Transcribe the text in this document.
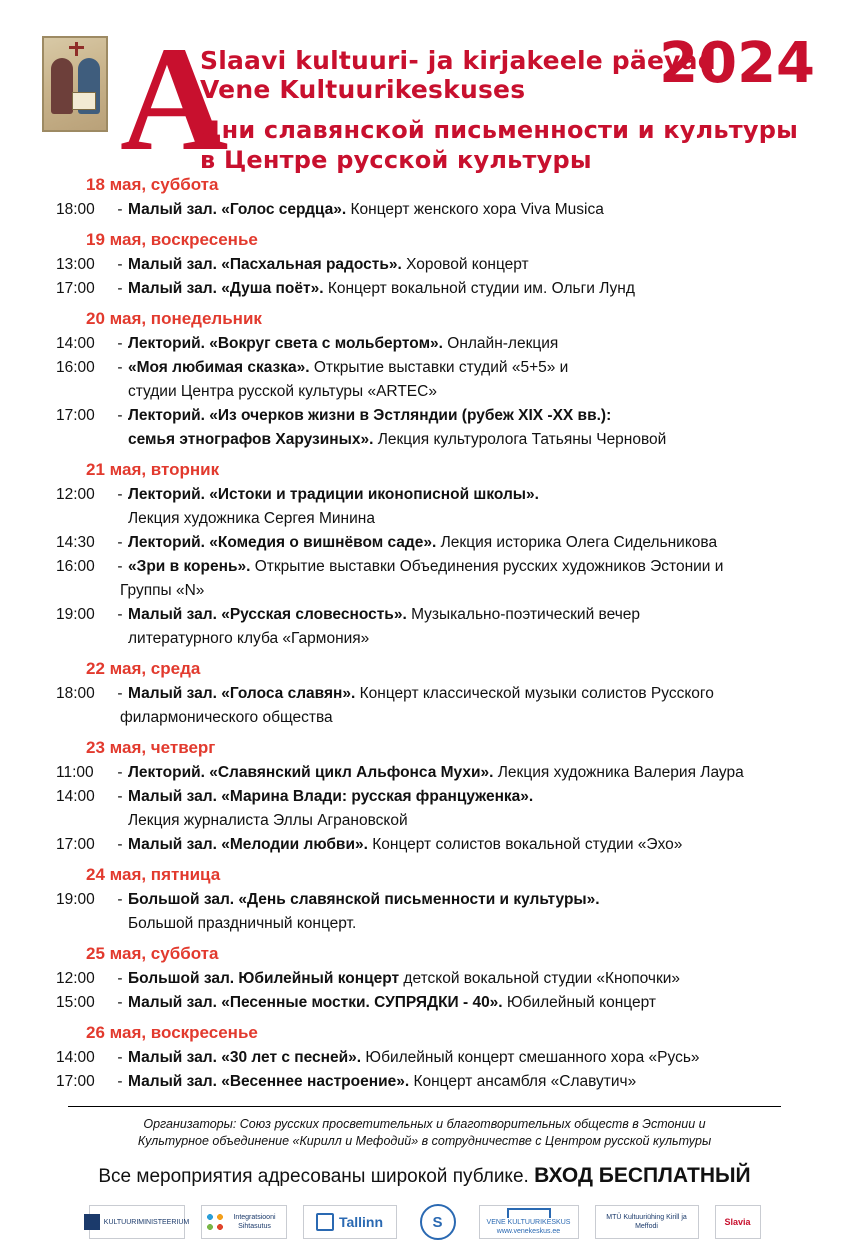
А
Slaavi kultuuri- ja kirjakeele päevad
Vene Kultuurikeskuses
Дни славянской письменности и культуры
в Центре русской культуры
2024
18 мая, суббота
18:00	- Малый зал. «Голос сердца». Концерт женского хора Viva Musica
19 мая, воскресенье
13:00	- Малый зал. «Пасхальная радость». Хоровой концерт
17:00	- Малый зал. «Душа поёт». Концерт вокальной студии им. Ольги Лунд
20 мая, понедельник
14:00	- Лекторий. «Вокруг света с мольбертом». Онлайн-лекция
16:00	- «Моя любимая сказка». Открытие выставки студий «5+5» и
студии Центра русской культуры «ARTEC»
17:00	- Лекторий. «Из очерков жизни в Эстляндии (рубеж XIX -XX вв.):
семья этнографов Харузиных». Лекция культуролога Татьяны Черновой
21 мая, вторник
12:00	- Лекторий. «Истоки и традиции иконописной школы».
Лекция художника Сергея Минина
14:30	- Лекторий. «Комедия о вишнёвом саде». Лекция историка Олега Сидельникова
16:00	- «Зри в корень». Открытие выставки Объединения русских художников Эстонии и
Группы «N»
19:00	- Малый зал. «Русская словесность». Музыкально-поэтический вечер
литературного клуба «Гармония»
22 мая, среда
18:00	- Малый зал. «Голоса славян». Концерт классической музыки солистов Русского
филармонического общества
23 мая, четверг
11:00	- Лекторий. «Славянский цикл Альфонса Мухи». Лекция художника Валерия Лаура
14:00	- Малый зал. «Марина Влади: русская француженка».
Лекция журналиста Эллы Аграновской
17:00	- Малый зал. «Мелодии любви». Концерт солистов вокальной студии «Эхо»
24 мая, пятница
19:00	- Большой зал. «День славянской письменности и культуры».
Большой праздничный концерт.
25 мая, суббота
12:00	- Большой зал. Юбилейный концерт детской вокальной студии «Кнопочки»
15:00	- Малый зал. «Песенные мостки. СУПРЯДКИ - 40». Юбилейный концерт
26 мая, воскресенье
14:00	- Малый зал. «30 лет с песней». Юбилейный концерт смешанного хора «Русь»
17:00	- Малый зал. «Весеннее настроение». Концерт ансамбля «Славутич»
Организаторы: Союз русских просветительных и благотворительных обществ в Эстонии и
Культурное объединение «Кирилл и Мефодий» в сотрудничестве с Центром русской культуры
Все мероприятия адресованы широкой публике. ВХОД БЕСПЛАТНЫЙ
KULTUURIMINISTEERIUM
Integratsiooni Sihtasutus	Tallinn	S	VENE KULTUURIKESKUS www.venekeskus.ee
MTÜ Kultuuriühing Kirill ja Meffodi	Slavia
